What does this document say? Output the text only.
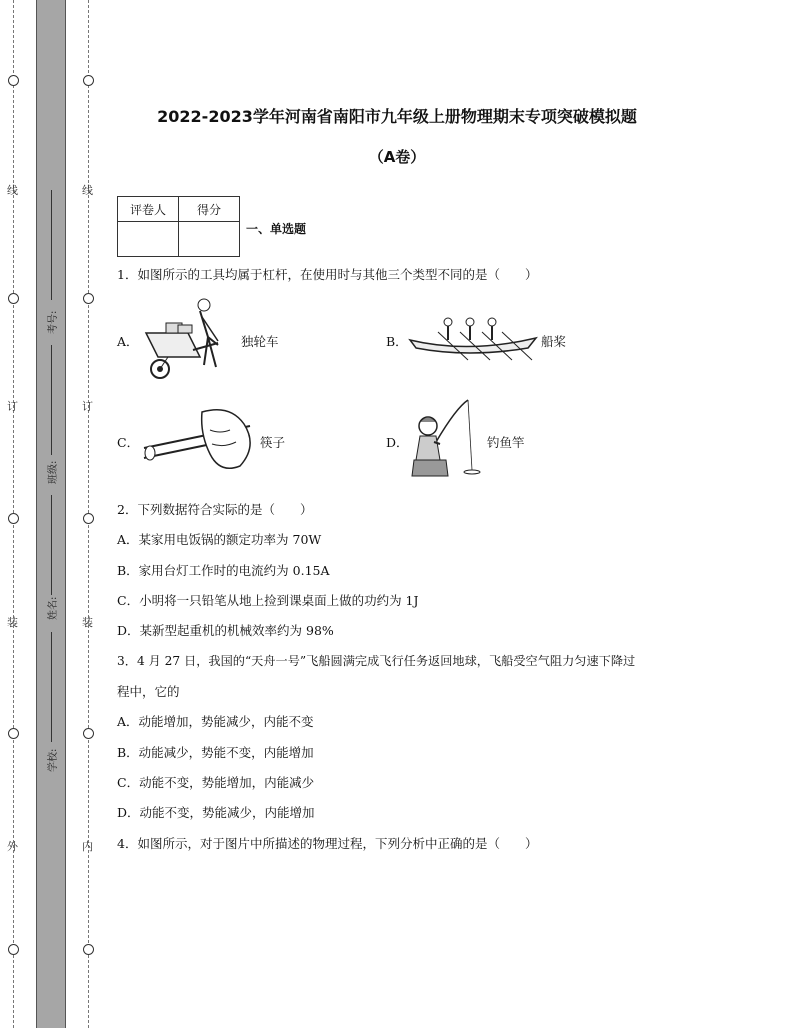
线
订
装
外
线
订
装
内
考号:
班级:
姓名:
学校:
2022-2023学年河南省南阳市九年级上册物理期末专项突破模拟题
（A卷）
评卷人	得分

一、单选题
1．如图所示的工具均属于杠杆，在使用时与其他三个类型不同的是（　　）
A．	独轮车	B．	船桨
C．	筷子	D．	钓鱼竿
2．下列数据符合实际的是（　　）
A．某家用电饭锅的额定功率为 70W
B．家用台灯工作时的电流约为 0.15A
C．小明将一只铅笔从地上捡到课桌面上做的功约为 1J
D．某新型起重机的机械效率约为 98%
3．4 月 27 日，我国的“天舟一号”飞船圆满完成飞行任务返回地球，飞船受空气阻力匀速下降过
程中，它的
A．动能增加，势能减少，内能不变
B．动能减少，势能不变，内能增加
C．动能不变，势能增加，内能减少
D．动能不变，势能减少，内能增加
4．如图所示，对于图片中所描述的物理过程，下列分析中正确的是（　　）
